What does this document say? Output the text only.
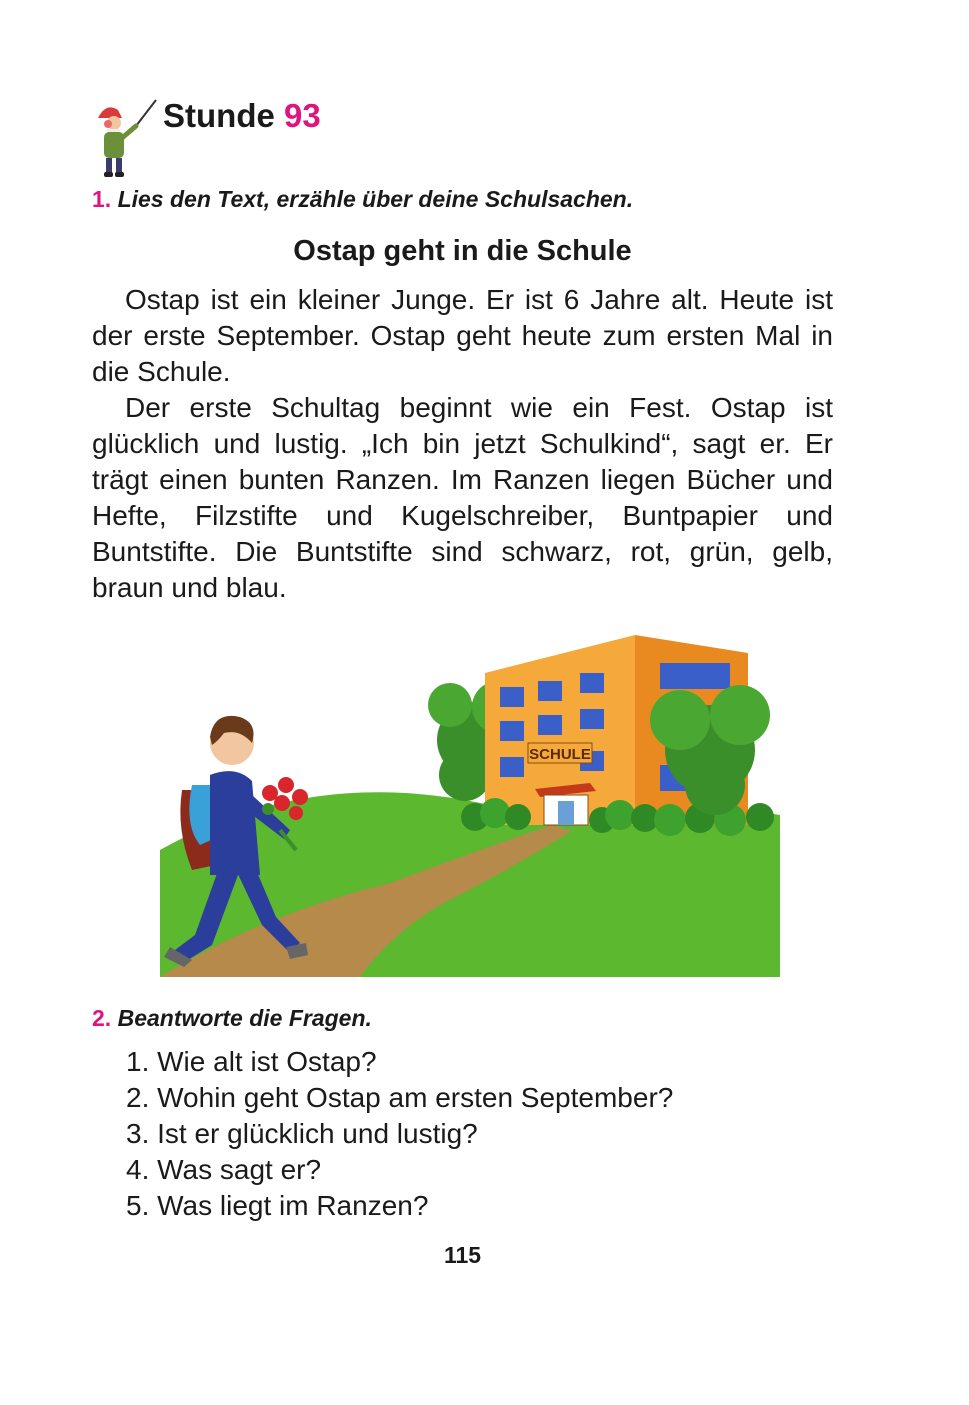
Stunde 93
1. Lies den Text, erzähle über deine Schulsachen.
Ostap geht in die Schule

Ostap ist ein kleiner Junge. Er ist 6 Jahre alt. Heute ist der erste September. Ostap geht heute zum ersten Mal in die Schule.

Der erste Schultag beginnt wie ein Fest. Ostap ist glücklich und lustig. „Ich bin jetzt Schulkind“, sagt er. Er trägt einen bunten Ranzen. Im Ranzen liegen Bücher und Hefte, Filzstifte und Kugelschreiber, Buntpapier und Buntstifte. Die Buntstifte sind schwarz, rot, grün, gelb, braun und blau.

SCHULE
2. Beantworte die Fragen.
1. Wie alt ist Ostap?
2. Wohin geht Ostap am ersten September?
3. Ist er glücklich und lustig?
4. Was sagt er?
5. Was liegt im Ranzen?
115
